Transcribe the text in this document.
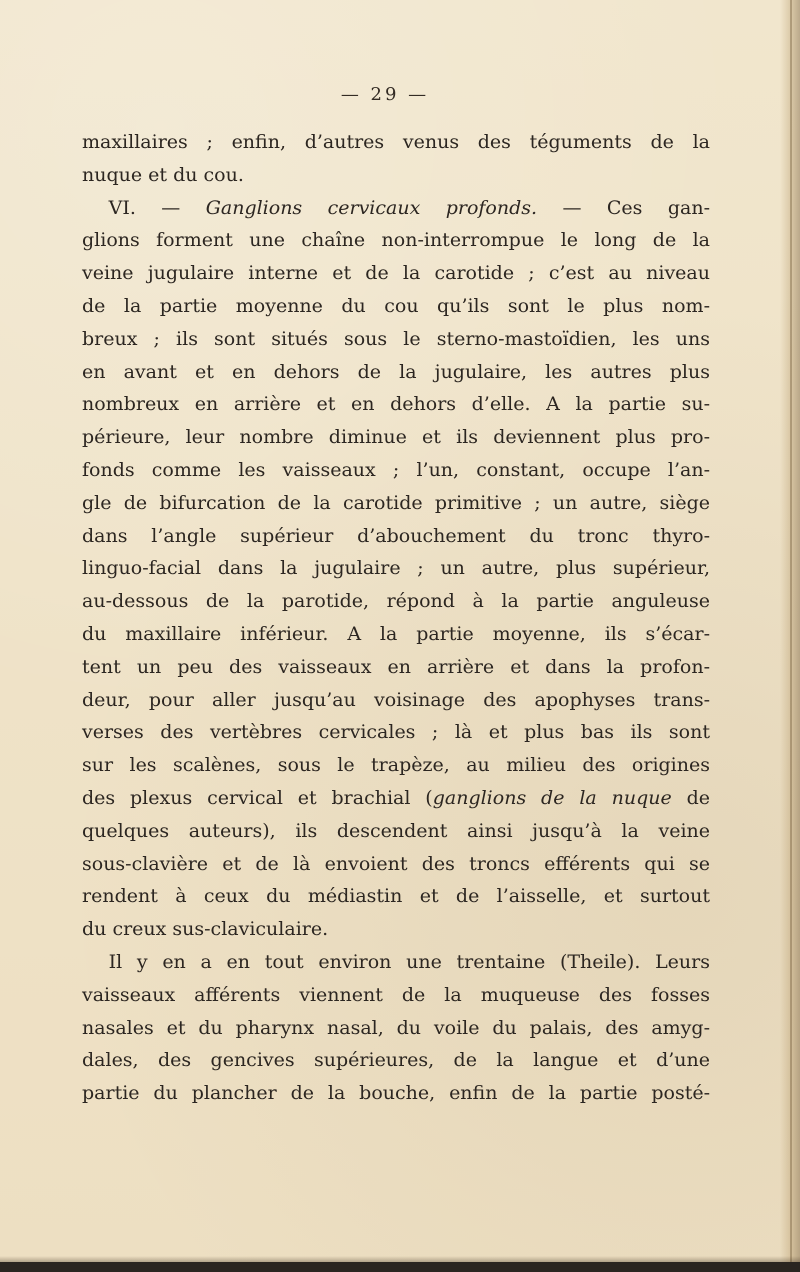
— 29 —
maxillaires ; enfin, d’autres venus des téguments de la
nuque et du cou.
VI. — Ganglions cervicaux profonds. — Ces gan-
glions forment une chaîne non-interrompue le long de la
veine jugulaire interne et de la carotide ; c’est au niveau
de la partie moyenne du cou qu’ils sont le plus nom-
breux ; ils sont situés sous le sterno-mastoïdien, les uns
en avant et en dehors de la jugulaire, les autres plus
nombreux en arrière et en dehors d’elle. A la partie su-
périeure, leur nombre diminue et ils deviennent plus pro-
fonds comme les vaisseaux ; l’un, constant, occupe l’an-
gle de bifurcation de la carotide primitive ; un autre, siège
dans l’angle supérieur d’abouchement du tronc thyro-
linguo-facial dans la jugulaire ; un autre, plus supérieur,
au-dessous de la parotide, répond à la partie anguleuse
du maxillaire inférieur. A la partie moyenne, ils s’écar-
tent un peu des vaisseaux en arrière et dans la profon-
deur, pour aller jusqu’au voisinage des apophyses trans-
verses des vertèbres cervicales ; là et plus bas ils sont
sur les scalènes, sous le trapèze, au milieu des origines
des plexus cervical et brachial (ganglions de la nuque de
quelques auteurs), ils descendent ainsi jusqu’à la veine
sous-clavière et de là envoient des troncs efférents qui se
rendent à ceux du médiastin et de l’aisselle, et surtout
du creux sus-claviculaire.
Il y en a en tout environ une trentaine (Theile). Leurs
vaisseaux afférents viennent de la muqueuse des fosses
nasales et du pharynx nasal, du voile du palais, des amyg-
dales, des gencives supérieures, de la langue et d’une
partie du plancher de la bouche, enfin de la partie posté-
